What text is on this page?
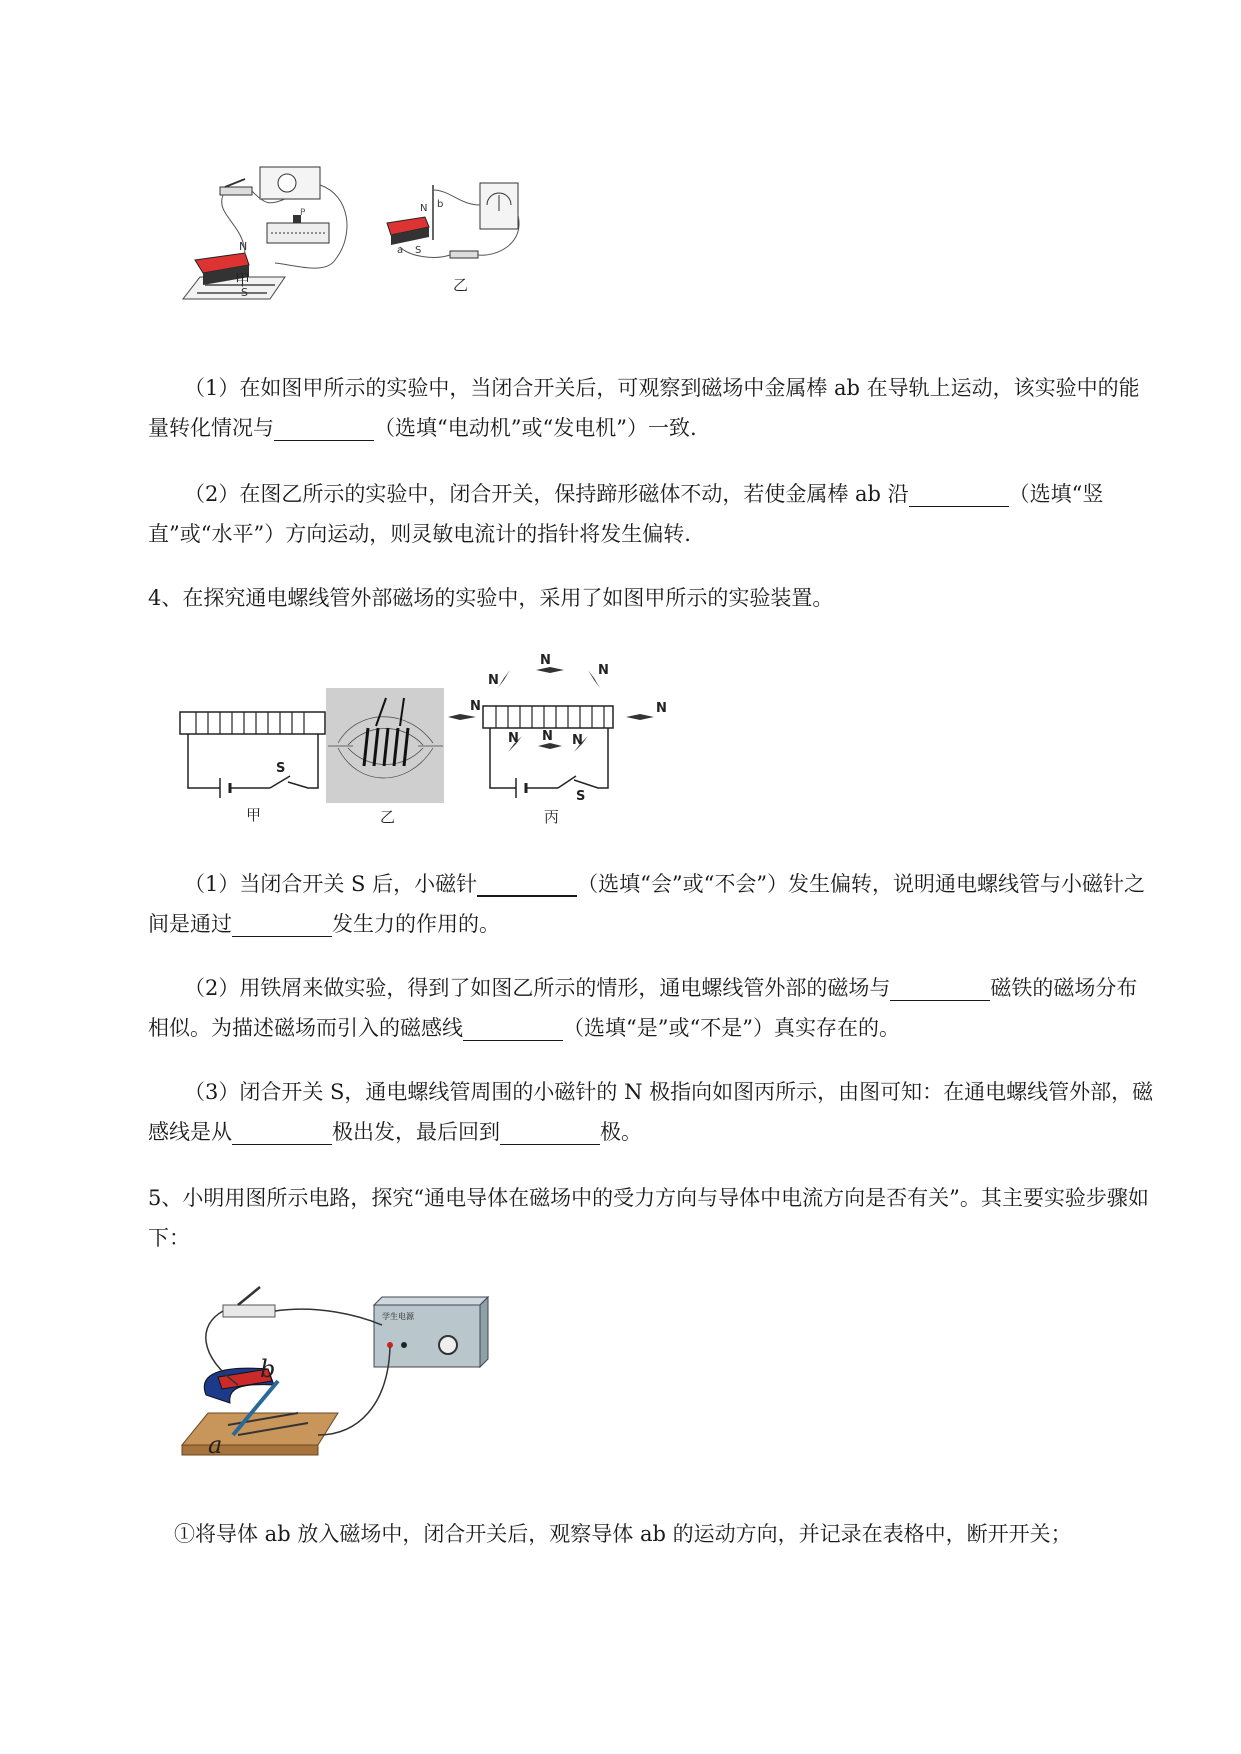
N
S
P
甲
N b
a S
乙

（1）在如图甲所示的实验中，当闭合开关后，可观察到磁场中金属棒 ab 在导轨上运动，该实验中的能量转化情况与	（选填“电动机”或“发电机”）一致.

（2）在图乙所示的实验中，闭合开关，保持蹄形磁体不动，若使金属棒 ab 沿	（选填“竖直”或“水平”）方向运动，则灵敏电流计的指针将发生偏转.

4、在探究通电螺线管外部磁场的实验中，采用了如图甲所示的实验装置。

S
甲	乙
S
N
N
N
N	N
N N N
丙

（1）当闭合开关 S 后，小磁针	（选填“会”或“不会”）发生偏转，说明通电螺线管与小磁针之间是通过	发生力的作用的。

（2）用铁屑来做实验，得到了如图乙所示的情形，通电螺线管外部的磁场与	磁铁的磁场分布相似。为描述磁场而引入的磁感线	（选填“是”或“不是”）真实存在的。

（3）闭合开关 S，通电螺线管周围的小磁针的 N 极指向如图丙所示，由图可知：在通电螺线管外部，磁感线是从	极出发，最后回到	极。

5、小明用图所示电路，探究“通电导体在磁场中的受力方向与导体中电流方向是否有关”。其主要实验步骤如下：

学生电源
b
a

①将导体 ab 放入磁场中，闭合开关后，观察导体 ab 的运动方向，并记录在表格中，断开开关；
